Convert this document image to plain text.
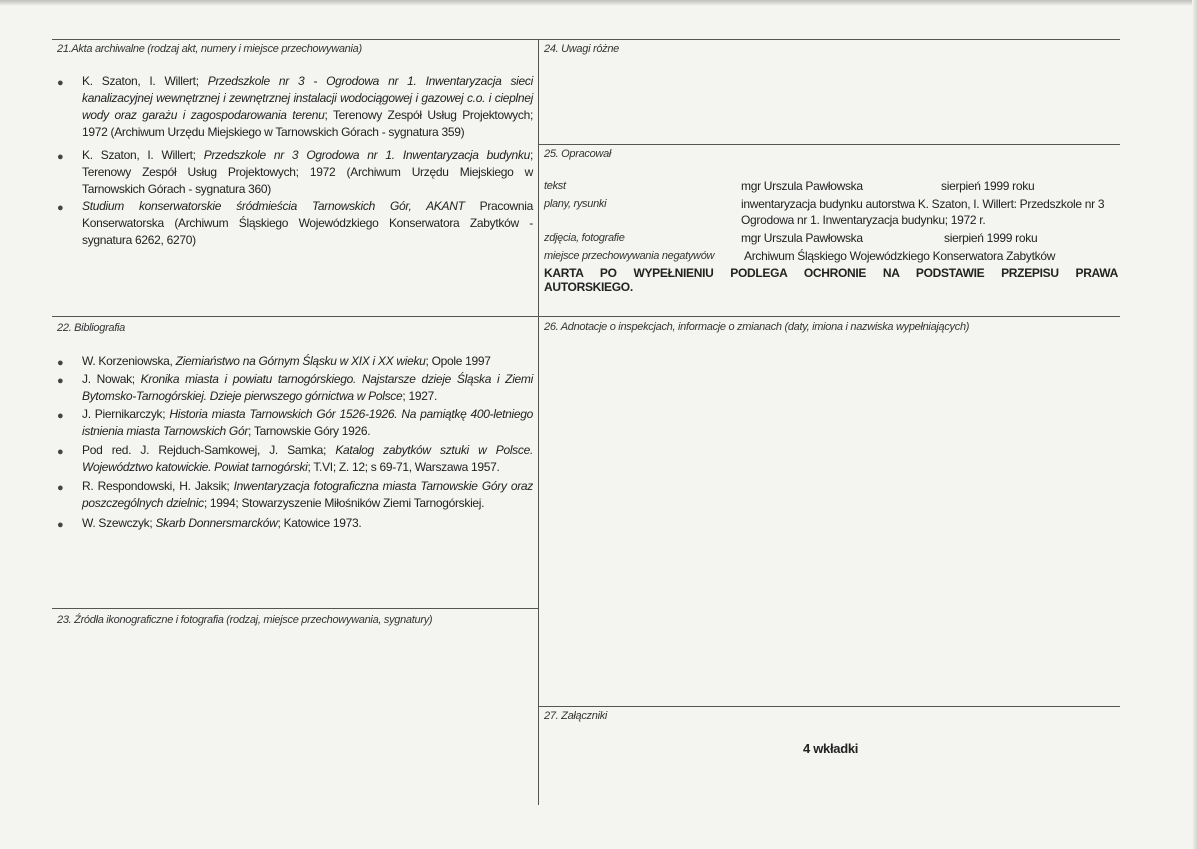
21.Akta archiwalne (rodzaj akt, numery i miejsce przechowywania)
● K. Szaton, I. Willert; Przedszkole nr 3 - Ogrodowa nr 1. Inwentaryzacja sieci
kanalizacyjnej wewnętrznej i zewnętrznej instalacji wodociągowej i gazowej c.o. i cieplnej
wody oraz garażu i zagospodarowania terenu; Terenowy Zespół Usług Projektowych;
1972 (Archiwum Urzędu Miejskiego w Tarnowskich Górach - sygnatura 359)
● K. Szaton, I. Willert; Przedszkole nr 3 Ogrodowa nr 1. Inwentaryzacja budynku;
Terenowy Zespół Usług Projektowych; 1972 (Archiwum Urzędu Miejskiego w
Tarnowskich Górach - sygnatura 360)
● Studium konserwatorskie śródmieścia Tarnowskich Gór, AKANT Pracownia
Konserwatorska (Archiwum Śląskiego Wojewódzkiego Konserwatora Zabytków -
sygnatura 6262, 6270)
22. Bibliografia
● W. Korzeniowska, Ziemiaństwo na Górnym Śląsku w XIX i XX wieku; Opole 1997
● J. Nowak; Kronika miasta i powiatu tarnogórskiego. Najstarsze dzieje Śląska i Ziemi
Bytomsko-Tarnogórskiej. Dzieje pierwszego górnictwa w Polsce; 1927.
● J. Piernikarczyk; Historia miasta Tarnowskich Gór 1526-1926. Na pamiątkę 400-letniego
istnienia miasta Tarnowskich Gór; Tarnowskie Góry 1926.
● Pod red. J. Rejduch-Samkowej, J. Samka; Katalog zabytków sztuki w Polsce.
Województwo katowickie. Powiat tarnogórski; T.VI; Z. 12; s 69-71, Warszawa 1957.
● R. Respondowski, H. Jaksik; Inwentaryzacja fotograficzna miasta Tarnowskie Góry oraz
poszczególnych dzielnic; 1994; Stowarzyszenie Miłośników Ziemi Tarnogórskiej.
● W. Szewczyk; Skarb Donnersmarcków; Katowice 1973.
23. Źródła ikonograficzne i fotografia (rodzaj, miejsce przechowywania, sygnatury)
24. Uwagi różne
25. Opracował
tekst	mgr Urszula Pawłowska	sierpień 1999 roku
plany, rysunki	inwentaryzacja budynku autorstwa K. Szaton, I. Willert: Przedszkole nr 3
Ogrodowa nr 1. Inwentaryzacja budynku; 1972 r.
zdjęcia, fotografie	mgr Urszula Pawłowska	sierpień 1999 roku
miejsce przechowywania negatywów Archiwum Śląskiego Wojewódzkiego Konserwatora Zabytków
KARTA PO WYPEŁNIENIU PODLEGA OCHRONIE NA PODSTAWIE PRZEPISU PRAWA
AUTORSKIEGO.
26. Adnotacje o inspekcjach, informacje o zmianach (daty, imiona i nazwiska wypełniających)
27. Załączniki
4 wkładki
